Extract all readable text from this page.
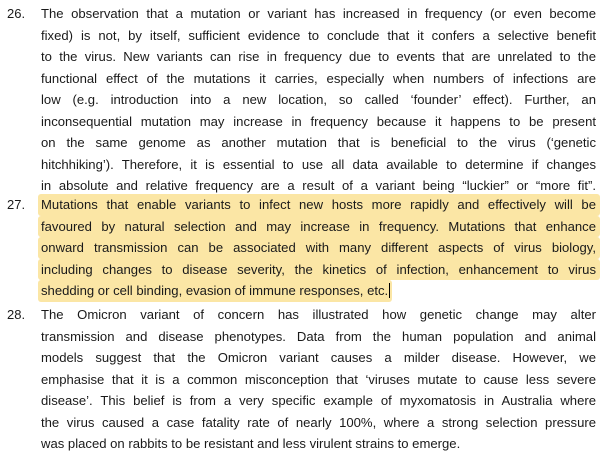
26. The observation that a mutation or variant has increased in frequency (or even become
fixed) is not, by itself, sufficient evidence to conclude that it confers a selective benefit
to the virus. New variants can rise in frequency due to events that are unrelated to the
functional effect of the mutations it carries, especially when numbers of infections are
low (e.g. introduction into a new location, so called ‘founder’ effect). Further, an
inconsequential mutation may increase in frequency because it happens to be present
on the same genome as another mutation that is beneficial to the virus (‘genetic
hitchhiking’). Therefore, it is essential to use all data available to determine if changes
in absolute and relative frequency are a result of a variant being “luckier” or “more fit”.
27. Mutations that enable variants to infect new hosts more rapidly and effectively will be
favoured by natural selection and may increase in frequency. Mutations that enhance
onward transmission can be associated with many different aspects of virus biology,
including changes to disease severity, the kinetics of infection, enhancement to virus
shedding or cell binding, evasion of immune responses, etc.
28. The Omicron variant of concern has illustrated how genetic change may alter
transmission and disease phenotypes. Data from the human population and animal
models suggest that the Omicron variant causes a milder disease. However, we
emphasise that it is a common misconception that ‘viruses mutate to cause less severe
disease’. This belief is from a very specific example of myxomatosis in Australia where
the virus caused a case fatality rate of nearly 100%, where a strong selection pressure
was placed on rabbits to be resistant and less virulent strains to emerge.
